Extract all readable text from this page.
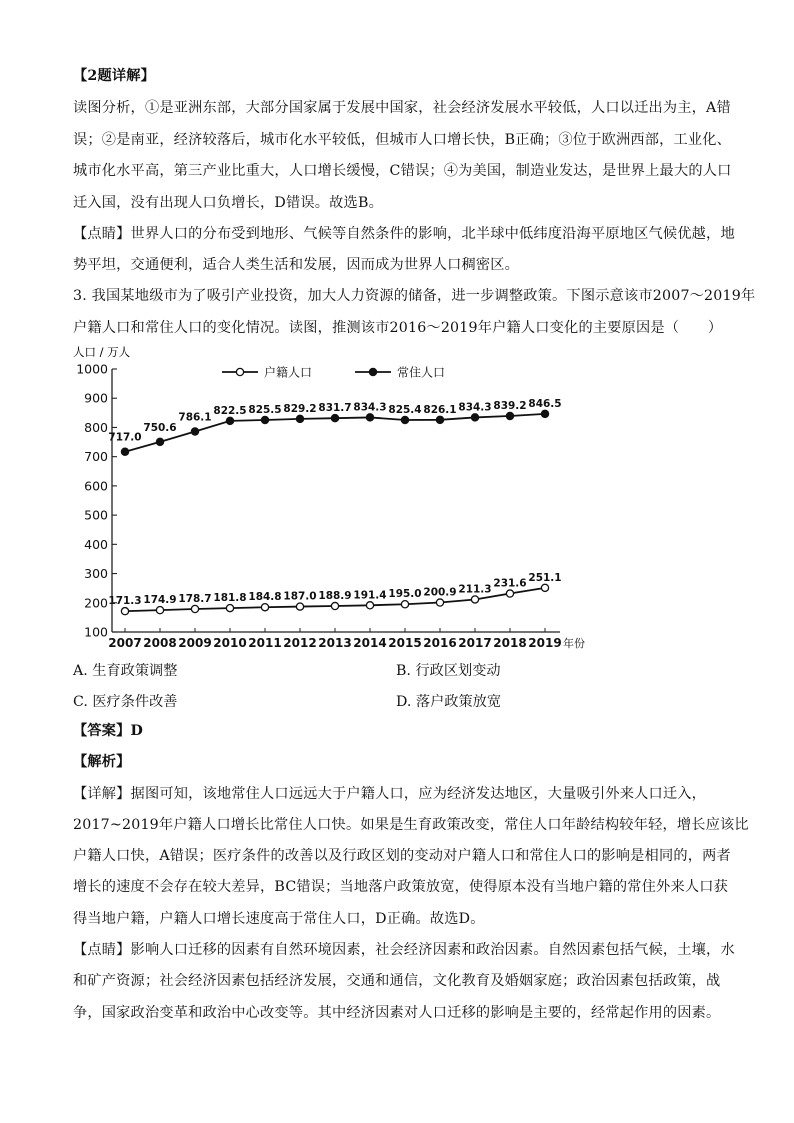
【2题详解】
读图分析，①是亚洲东部，大部分国家属于发展中国家，社会经济发展水平较低，人口以迁出为主，A错
误；②是南亚，经济较落后，城市化水平较低，但城市人口增长快，B正确；③位于欧洲西部，工业化、
城市化水平高，第三产业比重大，人口增长缓慢，C错误；④为美国，制造业发达，是世界上最大的人口
迁入国，没有出现人口负增长，D错误。故选B。
【点睛】世界人口的分布受到地形、气候等自然条件的影响，北半球中低纬度沿海平原地区气候优越，地
势平坦，交通便利，适合人类生活和发展，因而成为世界人口稠密区。
3. 我国某地级市为了吸引产业投资，加大人力资源的储备，进一步调整政策。下图示意该市2007～2019年
户籍人口和常住人口的变化情况。读图，推测该市2016～2019年户籍人口变化的主要原因是（　　）
人口 / 万人
户籍人口	常住人口
171.3 174.9 178.7 181.8 184.8 187.0 188.9 191.4 195.0 200.9 211.3 231.6 251.1
717.0
750.6
786.1
822.5 825.5 829.2 831.7 834.3 825.4 826.1 834.3 839.2 846.5
100
200
300
400
500
600
700
800
900
1000
2007 2008 2009 2010 2011 2012 2013 2014 2015 2016 2017 2018 2019 年份
A. 生育政策调整	B. 行政区划变动
C. 医疗条件改善	D. 落户政策放宽
【答案】D
【解析】
【详解】据图可知，该地常住人口远远大于户籍人口，应为经济发达地区，大量吸引外来人口迁入，
2017~2019年户籍人口增长比常住人口快。如果是生育政策改变，常住人口年龄结构较年轻，增长应该比
户籍人口快，A错误；医疗条件的改善以及行政区划的变动对户籍人口和常住人口的影响是相同的，两者
增长的速度不会存在较大差异，BC错误；当地落户政策放宽，使得原本没有当地户籍的常住外来人口获
得当地户籍，户籍人口增长速度高于常住人口，D正确。故选D。
【点睛】影响人口迁移的因素有自然环境因素，社会经济因素和政治因素。自然因素包括气候，土壤，水
和矿产资源；社会经济因素包括经济发展，交通和通信，文化教育及婚姻家庭；政治因素包括政策，战
争，国家政治变革和政治中心改变等。其中经济因素对人口迁移的影响是主要的，经常起作用的因素。
